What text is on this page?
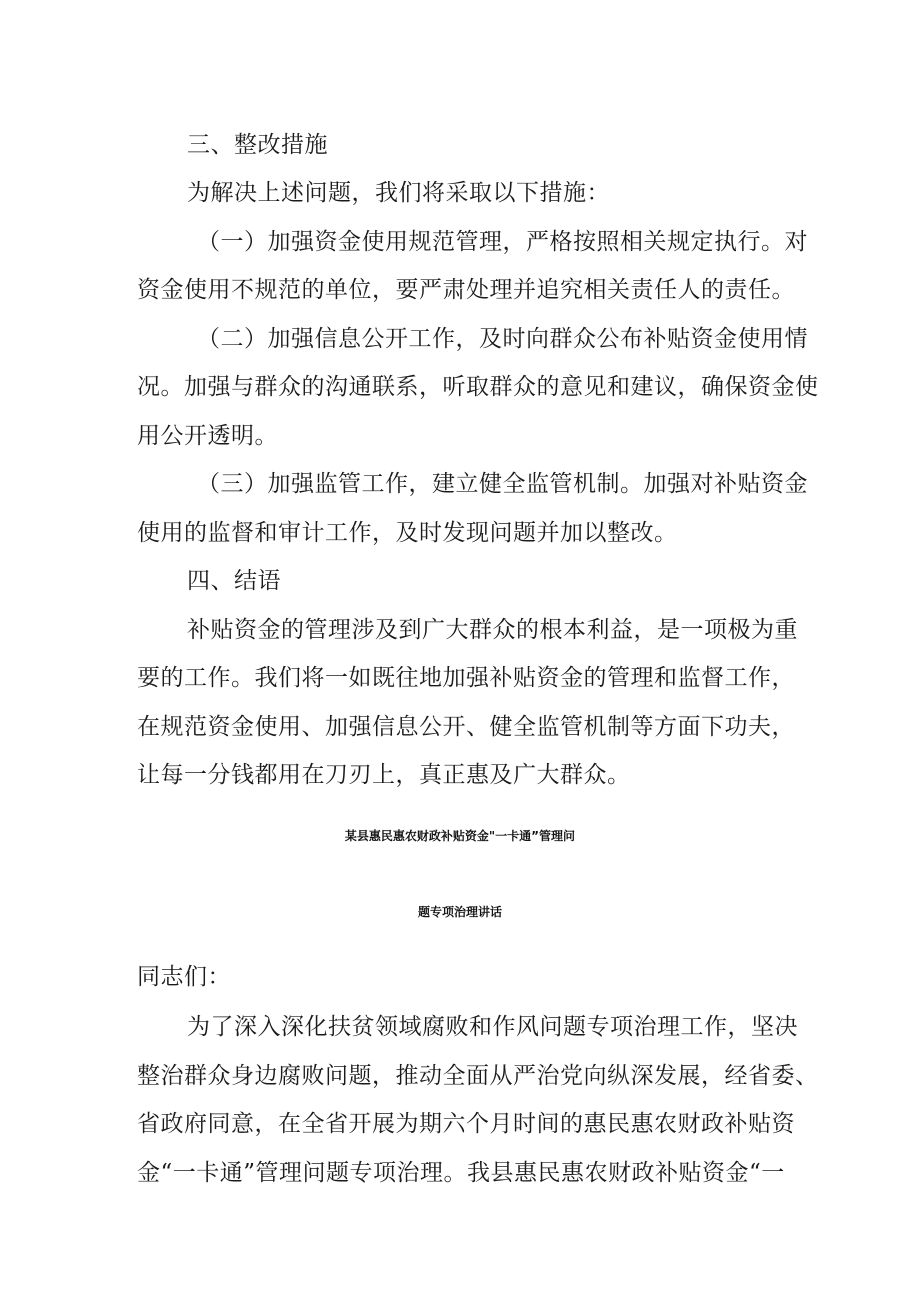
三、整改措施

为解决上述问题，我们将采取以下措施：

（一）加强资金使用规范管理，严格按照相关规定执行。对

资金使用不规范的单位，要严肃处理并追究相关责任人的责任。

（二）加强信息公开工作，及时向群众公布补贴资金使用情

况。加强与群众的沟通联系，听取群众的意见和建议，确保资金使

用公开透明。

（三）加强监管工作，建立健全监管机制。加强对补贴资金

使用的监督和审计工作，及时发现问题并加以整改。

四、结语

补贴资金的管理涉及到广大群众的根本利益，是一项极为重

要的工作。我们将一如既往地加强补贴资金的管理和监督工作，

在规范资金使用、加强信息公开、健全监管机制等方面下功夫，

让每一分钱都用在刀刃上，真正惠及广大群众。

某县惠民惠农财政补贴资金"一卡通”管理问
题专项治理讲话

同志们：

为了深入深化扶贫领域腐败和作风问题专项治理工作，坚决

整治群众身边腐败问题，推动全面从严治党向纵深发展，经省委、

省政府同意，在全省开展为期六个月时间的惠民惠农财政补贴资

金“一卡通”管理问题专项治理。我县惠民惠农财政补贴资金“一
